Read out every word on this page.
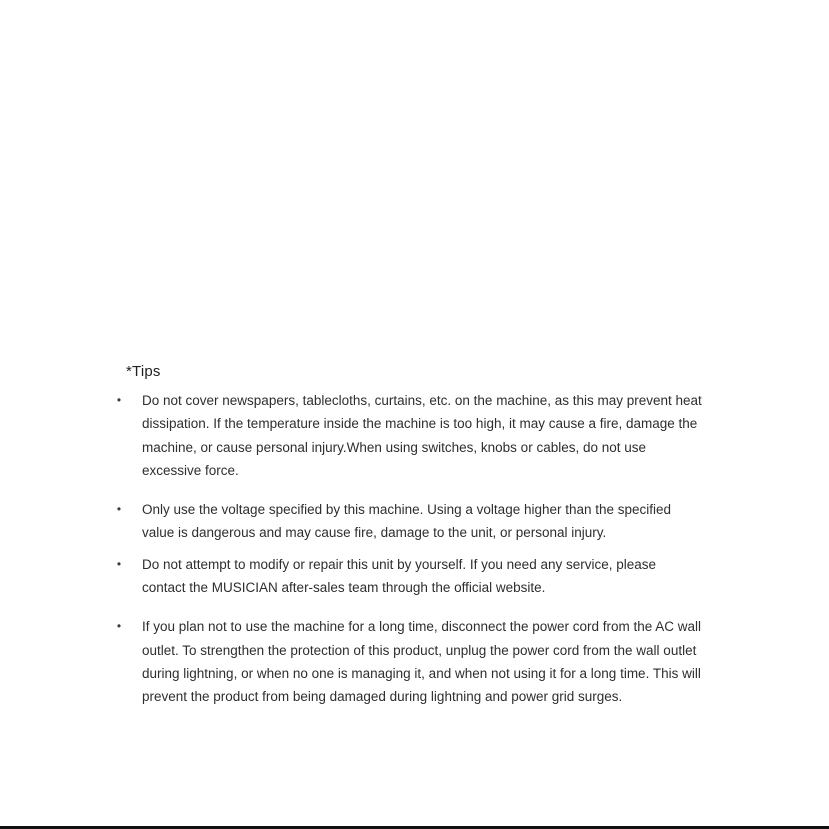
*Tips
• Do not cover newspapers, tablecloths, curtains, etc. on the machine, as this may prevent heat dissipation. If the temperature inside the machine is too high, it may cause a fire, damage the machine, or cause personal injury.When using switches, knobs or cables, do not use excessive force.
• Only use the voltage specified by this machine. Using a voltage higher than the specified value is dangerous and may cause fire, damage to the unit, or personal injury.
• Do not attempt to modify or repair this unit by yourself. If you need any service, please contact the MUSICIAN after-sales team through the official website.
• If you plan not to use the machine for a long time, disconnect the power cord from the AC wall outlet. To strengthen the protection of this product, unplug the power cord from the wall outlet during lightning, or when no one is managing it, and when not using it for a long time. This will prevent the product from being damaged during lightning and power grid surges.
